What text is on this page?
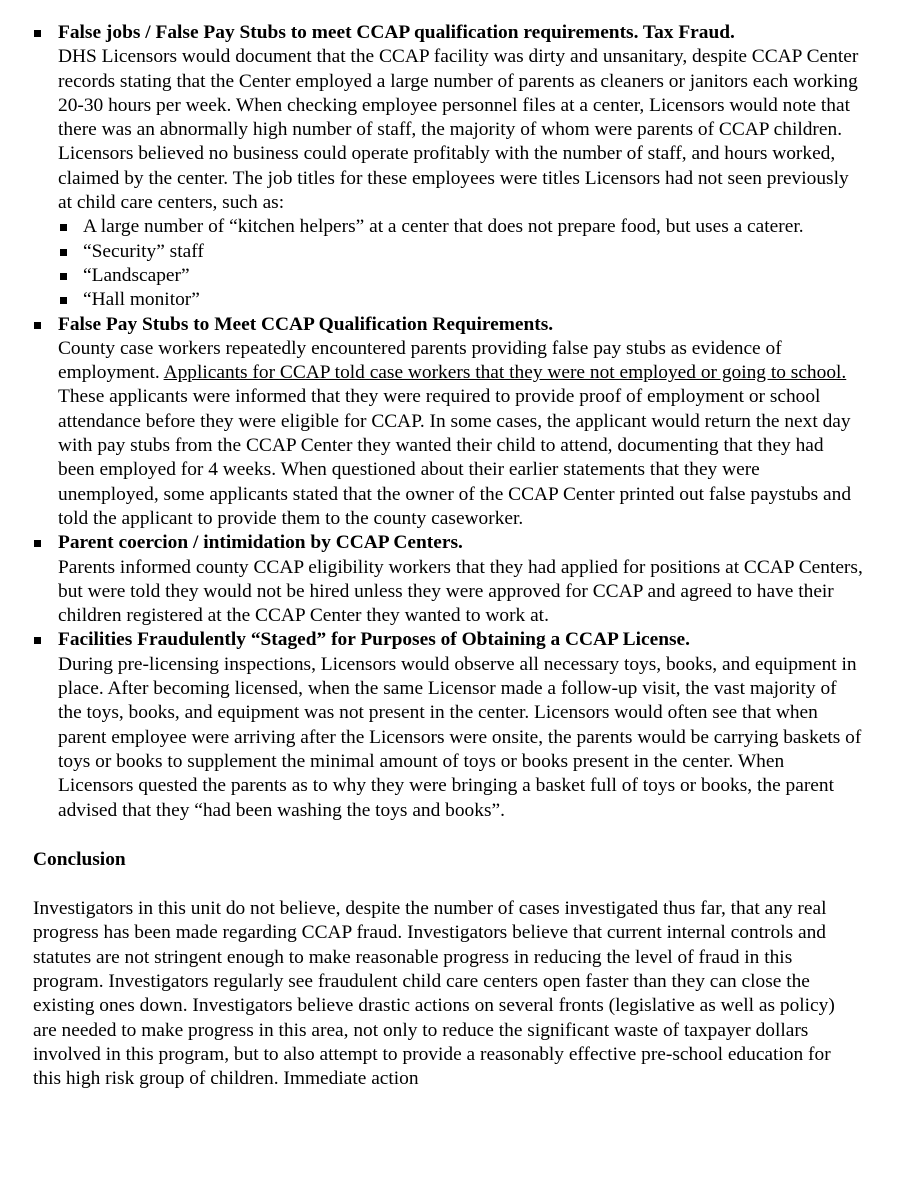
False jobs / False Pay Stubs to meet CCAP qualification requirements. Tax Fraud.
DHS Licensors would document that the CCAP facility was dirty and unsanitary, despite CCAP Center records stating that the Center employed a large number of parents as cleaners or janitors each working 20-30 hours per week. When checking employee personnel files at a center, Licensors would note that there was an abnormally high number of staff, the majority of whom were parents of CCAP children. Licensors believed no business could operate profitably with the number of staff, and hours worked, claimed by the center. The job titles for these employees were titles Licensors had not seen previously at child care centers, such as:
A large number of “kitchen helpers” at a center that does not prepare food, but uses a caterer.
“Security” staff
“Landscaper”
“Hall monitor”
False Pay Stubs to Meet CCAP Qualification Requirements.
County case workers repeatedly encountered parents providing false pay stubs as evidence of employment. Applicants for CCAP told case workers that they were not employed or going to school. These applicants were informed that they were required to provide proof of employment or school attendance before they were eligible for CCAP. In some cases, the applicant would return the next day with pay stubs from the CCAP Center they wanted their child to attend, documenting that they had been employed for 4 weeks. When questioned about their earlier statements that they were unemployed, some applicants stated that the owner of the CCAP Center printed out false paystubs and told the applicant to provide them to the county caseworker.
Parent coercion / intimidation by CCAP Centers.
Parents informed county CCAP eligibility workers that they had applied for positions at CCAP Centers, but were told they would not be hired unless they were approved for CCAP and agreed to have their children registered at the CCAP Center they wanted to work at.
Facilities Fraudulently “Staged” for Purposes of Obtaining a CCAP License.
During pre-licensing inspections, Licensors would observe all necessary toys, books, and equipment in place. After becoming licensed, when the same Licensor made a follow-up visit, the vast majority of the toys, books, and equipment was not present in the center. Licensors would often see that when parent employee were arriving after the Licensors were onsite, the parents would be carrying baskets of toys or books to supplement the minimal amount of toys or books present in the center. When Licensors quested the parents as to why they were bringing a basket full of toys or books, the parent advised that they “had been washing the toys and books”.
Conclusion
Investigators in this unit do not believe, despite the number of cases investigated thus far, that any real progress has been made regarding CCAP fraud. Investigators believe that current internal controls and statutes are not stringent enough to make reasonable progress in reducing the level of fraud in this program. Investigators regularly see fraudulent child care centers open faster than they can close the existing ones down. Investigators believe drastic actions on several fronts (legislative as well as policy) are needed to make progress in this area, not only to reduce the significant waste of taxpayer dollars involved in this program, but to also attempt to provide a reasonably effective pre-school education for this high risk group of children. Immediate action
